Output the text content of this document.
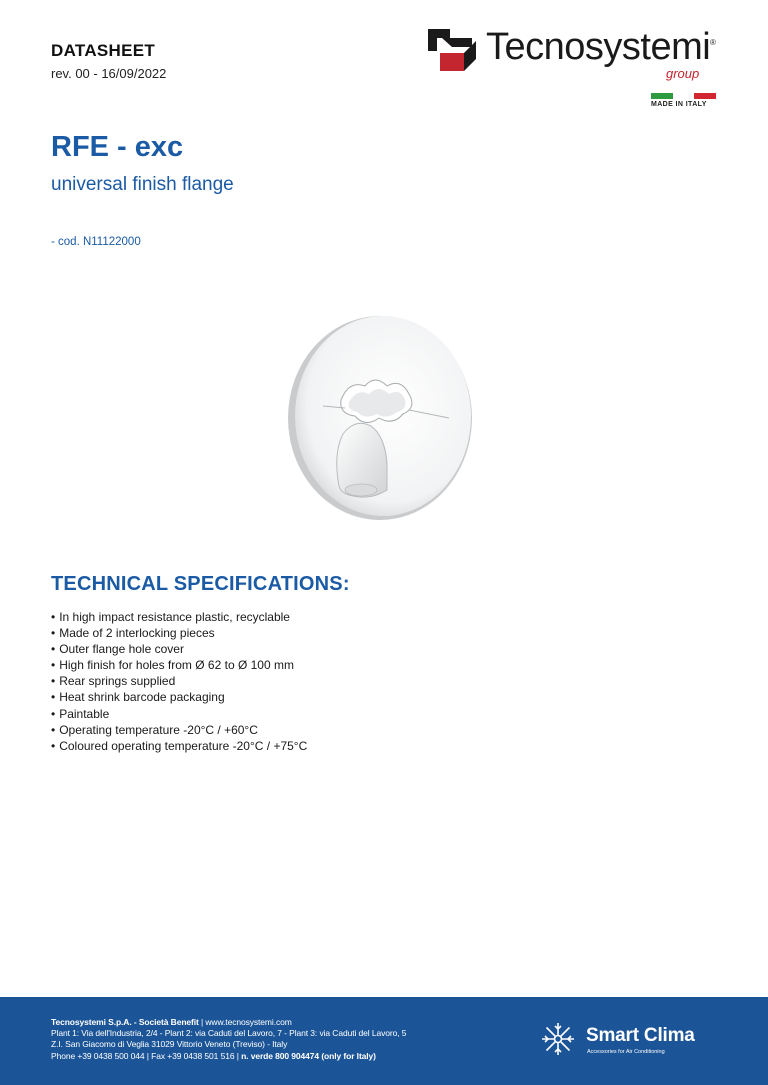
DATASHEET
rev. 00 - 16/09/2022
Tecnosystemi ®
group
MADE IN ITALY
RFE - exc
universal finish flange
- cod. N11122000
TECHNICAL SPECIFICATIONS:
• In high impact resistance plastic, recyclable
• Made of 2 interlocking pieces
• Outer flange hole cover
• High finish for holes from Ø 62 to Ø 100 mm
• Rear springs supplied
• Heat shrink barcode packaging
• Paintable
• Operating temperature -20°C / +60°C
• Coloured operating temperature -20°C / +75°C
Tecnosystemi S.p.A. - Società Benefit | www.tecnosystemi.com
Plant 1: Via dell'Industria, 2/4 - Plant 2: via Caduti del Lavoro, 7 - Plant 3: via Caduti del Lavoro, 5
Z.I. San Giacomo di Veglia 31029 Vittorio Veneto (Treviso) - Italy
Phone +39 0438 500 044 | Fax +39 0438 501 516 | n. verde 800 904474 (only for Italy)
Smart Clima
Accessories for Air Conditioning
